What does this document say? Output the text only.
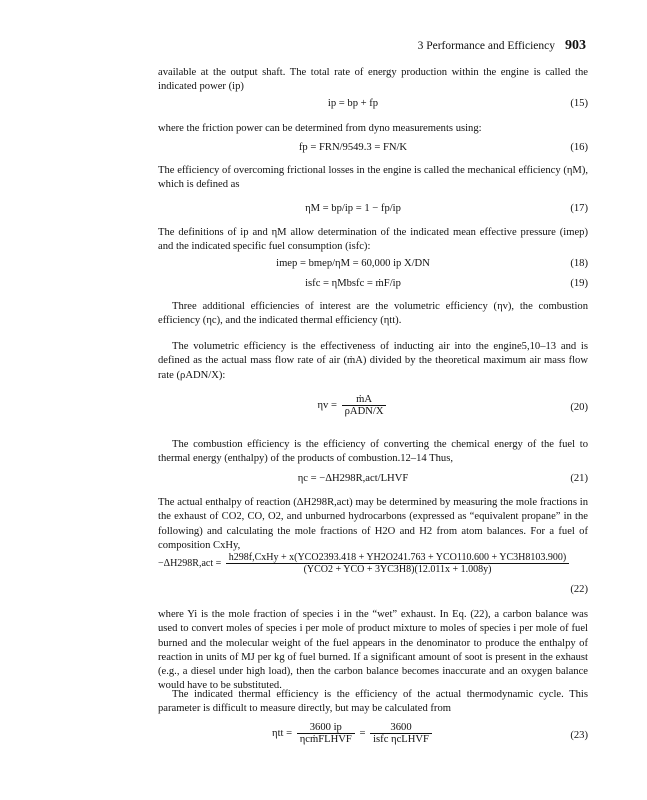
3 Performance and Efficiency 903
available at the output shaft. The total rate of energy production within the engine is called the indicated power (ip)
ip = bp + fp	(15)
where the friction power can be determined from dyno measurements using:
fp = FRN/9549.3 = FN/K	(16)
The efficiency of overcoming frictional losses in the engine is called the mechanical efficiency (ηM), which is defined as
ηM = bp/ip = 1 − fp/ip	(17)
The definitions of ip and ηM allow determination of the indicated mean effective pressure (imep) and the indicated specific fuel consumption (isfc):
imep = bmep/ηM = 60,000 ip X/DN	(18)
isfc = ηMbsfc = ṁF/ip	(19)
Three additional efficiencies of interest are the volumetric efficiency (ηv), the combustion efficiency (ηc), and the indicated thermal efficiency (ηtt).
The volumetric efficiency is the effectiveness of inducting air into the engine5,10–13 and is defined as the actual mass flow rate of air (ṁA) divided by the theoretical maximum air mass flow rate (ρADN/X):
$\eta v = \frac{\text{ṁA}}{\text{ρADN/X}}$	(20)
The combustion efficiency is the efficiency of converting the chemical energy of the fuel to thermal energy (enthalpy) of the products of combustion.12–14 Thus,
ηc = −ΔH298R,act/LHVF	(21)
The actual enthalpy of reaction (ΔH298R,act) may be determined by measuring the mole fractions in the exhaust of CO2, CO, O2, and unburned hydrocarbons (expressed as “equivalent propane” in the following) and calculating the mole fractions of H2O and H2 from atom balances. For a fuel of composition CxHy,
−ΔH298R,act =
h298f,CxHy + x(YCO2393.418 + YH2O241.763 + YCO110.600 + YC3H8103.900)
(YCO2 + YCO + 3YC3H8)(12.011x + 1.008y)
(22)
where Yi is the mole fraction of species i in the “wet” exhaust. In Eq. (22), a carbon balance was used to convert moles of species i per mole of product mixture to moles of species i per mole of fuel burned and the molecular weight of the fuel appears in the denominator to produce the enthalpy of reaction in units of MJ per kg of fuel burned. If a significant amount of soot is present in the exhaust (e.g., a diesel under high load), then the carbon balance becomes inaccurate and an oxygen balance would have to be substituted.
The indicated thermal efficiency is the efficiency of the actual thermodynamic cycle. This parameter is difficult to measure directly, but may be calculated from
$\eta tt = \frac{3600 ip}{\text{ηcṁFLHVF}} = \frac{3600}{\text{isfc ηcLHVF}}$	(23)
